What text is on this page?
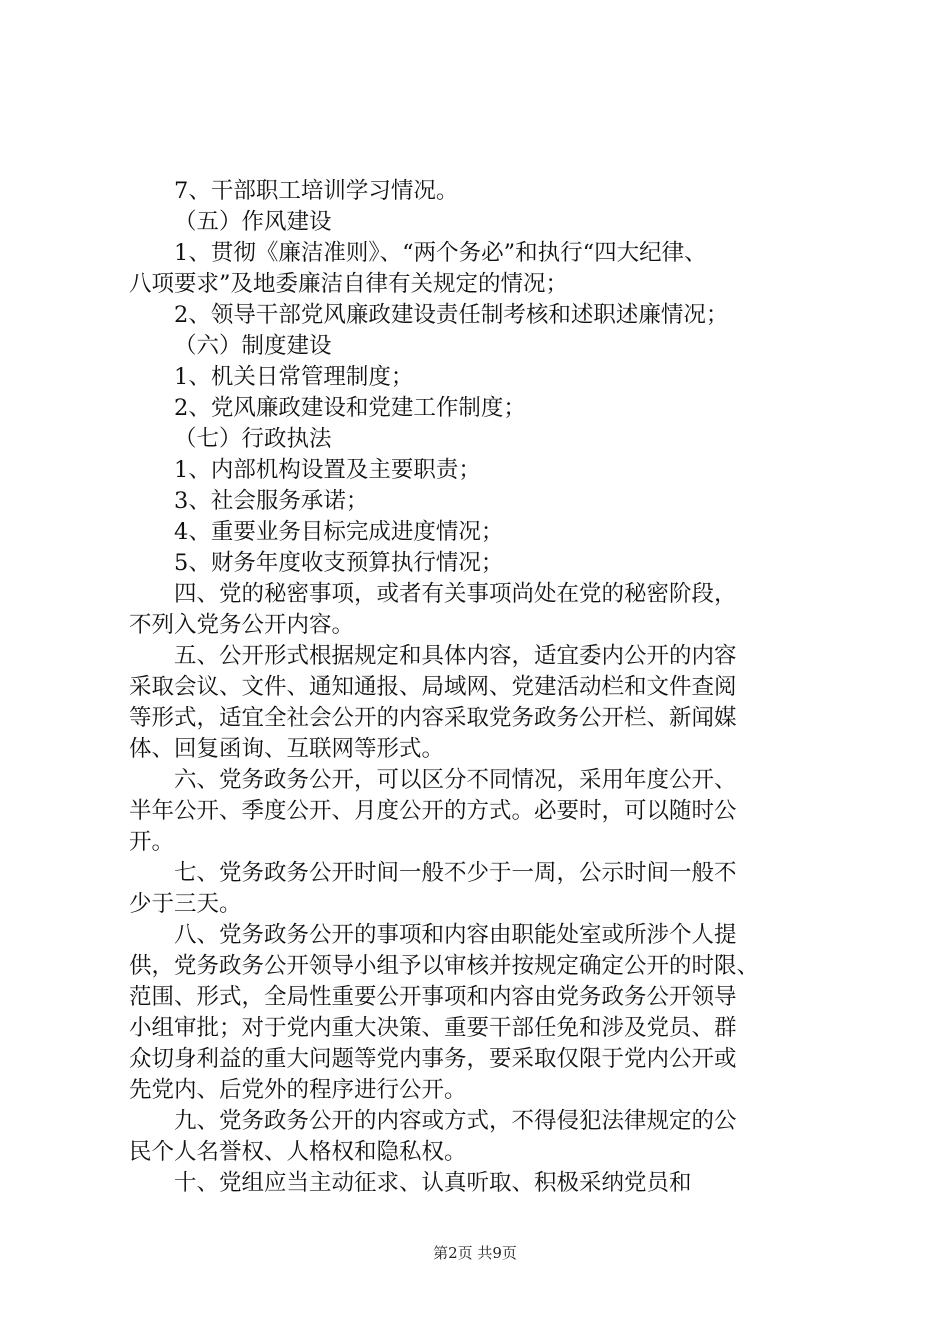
7、干部职工培训学习情况。
（五）作风建设
1、贯彻《廉洁准则》、“两个务必”和执行“四大纪律、
八项要求”及地委廉洁自律有关规定的情况；
2、领导干部党风廉政建设责任制考核和述职述廉情况；
（六）制度建设
1、机关日常管理制度；
2、党风廉政建设和党建工作制度；
（七）行政执法
1、内部机构设置及主要职责；
3、社会服务承诺；
4、重要业务目标完成进度情况；
5、财务年度收支预算执行情况；
四、党的秘密事项，或者有关事项尚处在党的秘密阶段，
不列入党务公开内容。
五、公开形式根据规定和具体内容，适宜委内公开的内容
采取会议、文件、通知通报、局域网、党建活动栏和文件查阅
等形式，适宜全社会公开的内容采取党务政务公开栏、新闻媒
体、回复函询、互联网等形式。
六、党务政务公开，可以区分不同情况，采用年度公开、
半年公开、季度公开、月度公开的方式。必要时，可以随时公
开。
七、党务政务公开时间一般不少于一周，公示时间一般不
少于三天。
八、党务政务公开的事项和内容由职能处室或所涉个人提
供，党务政务公开领导小组予以审核并按规定确定公开的时限、
范围、形式，全局性重要公开事项和内容由党务政务公开领导
小组审批；对于党内重大决策、重要干部任免和涉及党员、群
众切身利益的重大问题等党内事务，要采取仅限于党内公开或
先党内、后党外的程序进行公开。
九、党务政务公开的内容或方式，不得侵犯法律规定的公
民个人名誉权、人格权和隐私权。
十、党组应当主动征求、认真听取、积极采纳党员和
第2页 共9页
